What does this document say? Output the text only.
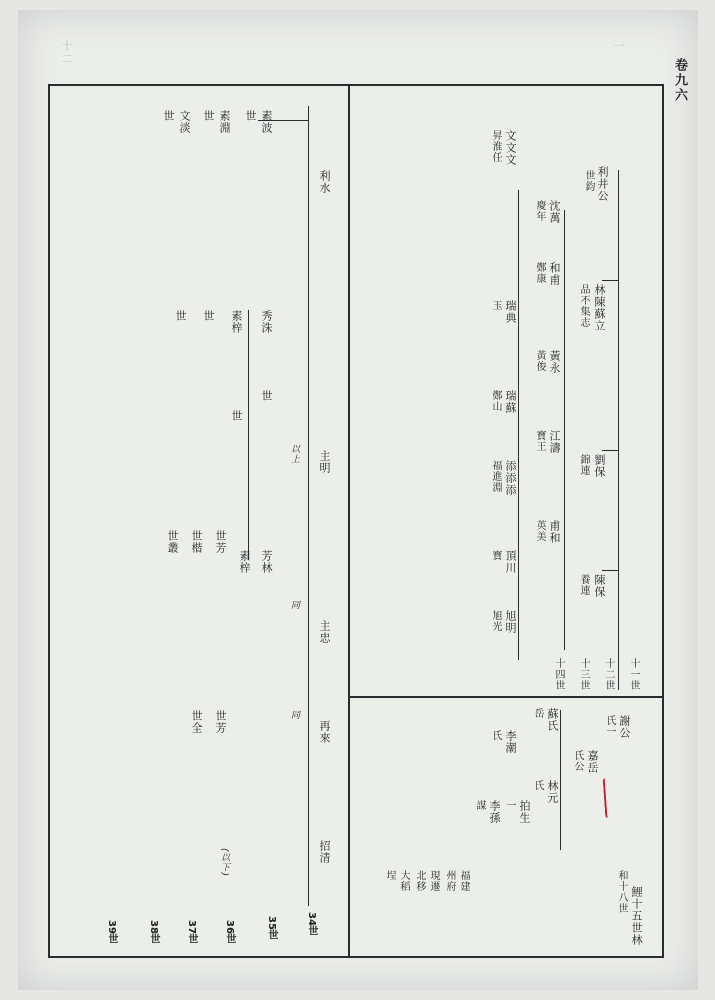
一
十二
卷九六
利井公
世鈞
林陳蘇立
品不集志
劉保
錦連
陳保
養連
沈萬
慶年
和甫
鄭康
黃永
黃俊
江濤
寶王
甫和
英美
文文文
昇淮任
瑞典
玉
瑞蘇
鄭山
添添添
福進淵
頂川
寶
旭明
旭光
十一世
十二世
十三世
十四世
鯉十五世林
和十八世
謝公
氏一
嘉岳
氏公
林元
氏
拍生
一
李孫
謀
蘇氏
岳
李潮
氏
福建
州府
現遷
北移
大稻
埕
利水
主明
主忠
再來
招清
素波
世
素淵
世
文淡
世
秀洙
世
素梓
世
世
世
芳林
素梓
世芳
世楷
世叢
世芳
世全
以上
同
同
(以下)
34世
35世
36世
37世
38世
39世
